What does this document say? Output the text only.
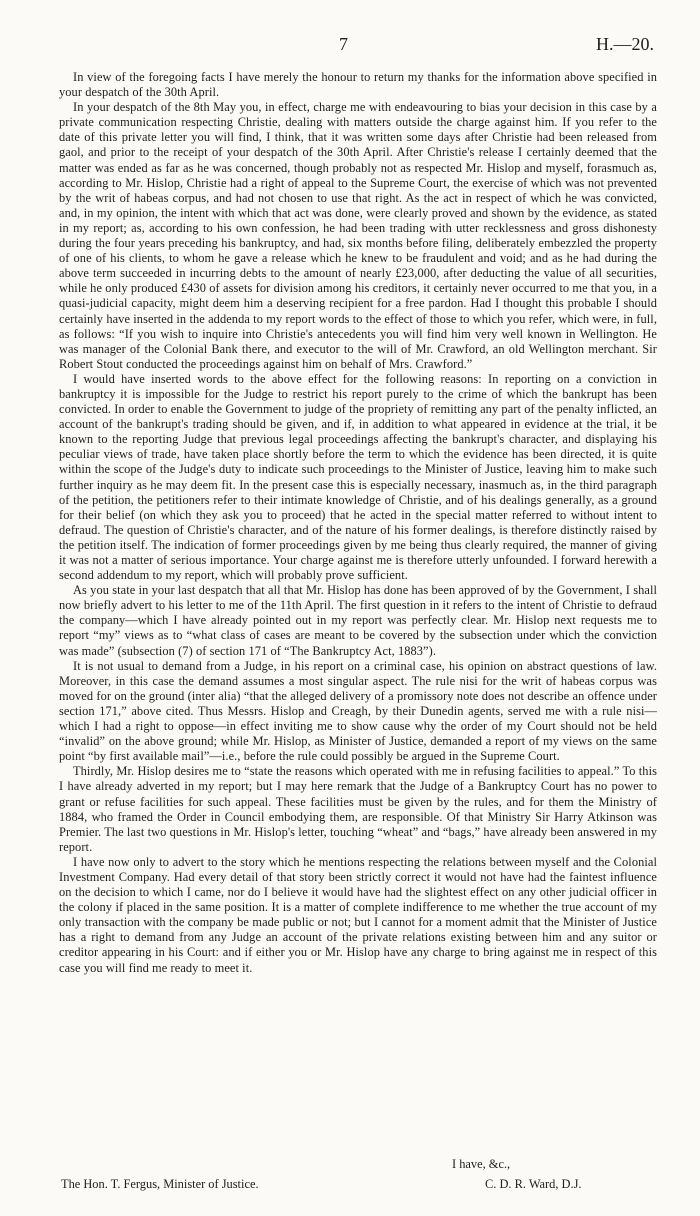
7	H.—20.

In view of the foregoing facts I have merely the honour to return my thanks for the information above specified in your despatch of the 30th April.

In your despatch of the 8th May you, in effect, charge me with endeavouring to bias your decision in this case by a private communication respecting Christie, dealing with matters outside the charge against him. If you refer to the date of this private letter you will find, I think, that it was written some days after Christie had been released from gaol, and prior to the receipt of your despatch of the 30th April. After Christie's release I certainly deemed that the matter was ended as far as he was concerned, though probably not as respected Mr. Hislop and myself, forasmuch as, according to Mr. Hislop, Christie had a right of appeal to the Supreme Court, the exercise of which was not prevented by the writ of habeas corpus, and had not chosen to use that right. As the act in respect of which he was convicted, and, in my opinion, the intent with which that act was done, were clearly proved and shown by the evidence, as stated in my report; as, according to his own confession, he had been trading with utter recklessness and gross dishonesty during the four years preceding his bankruptcy, and had, six months before filing, deliberately embezzled the property of one of his clients, to whom he gave a release which he knew to be fraudulent and void; and as he had during the above term succeeded in incurring debts to the amount of nearly £23,000, after deducting the value of all securities, while he only produced £430 of assets for division among his creditors, it certainly never occurred to me that you, in a quasi-judicial capacity, might deem him a deserving recipient for a free pardon. Had I thought this probable I should certainly have inserted in the addenda to my report words to the effect of those to which you refer, which were, in full, as follows: “If you wish to inquire into Christie's antecedents you will find him very well known in Wellington. He was manager of the Colonial Bank there, and executor to the will of Mr. Crawford, an old Wellington merchant. Sir Robert Stout conducted the proceedings against him on behalf of Mrs. Crawford.”

I would have inserted words to the above effect for the following reasons: In reporting on a conviction in bankruptcy it is impossible for the Judge to restrict his report purely to the crime of which the bankrupt has been convicted. In order to enable the Government to judge of the propriety of remitting any part of the penalty inflicted, an account of the bankrupt's trading should be given, and if, in addition to what appeared in evidence at the trial, it be known to the reporting Judge that previous legal proceedings affecting the bankrupt's character, and displaying his peculiar views of trade, have taken place shortly before the term to which the evidence has been directed, it is quite within the scope of the Judge's duty to indicate such proceedings to the Minister of Justice, leaving him to make such further inquiry as he may deem fit. In the present case this is especially necessary, inasmuch as, in the third paragraph of the petition, the petitioners refer to their intimate knowledge of Christie, and of his dealings generally, as a ground for their belief (on which they ask you to proceed) that he acted in the special matter referred to without intent to defraud. The question of Christie's character, and of the nature of his former dealings, is therefore distinctly raised by the petition itself. The indication of former proceedings given by me being thus clearly required, the manner of giving it was not a matter of serious importance. Your charge against me is therefore utterly unfounded. I forward herewith a second addendum to my report, which will probably prove sufficient.

As you state in your last despatch that all that Mr. Hislop has done has been approved of by the Government, I shall now briefly advert to his letter to me of the 11th April. The first question in it refers to the intent of Christie to defraud the company—which I have already pointed out in my report was perfectly clear. Mr. Hislop next requests me to report “my” views as to “what class of cases are meant to be covered by the subsection under which the conviction was made” (subsection (7) of section 171 of “The Bankruptcy Act, 1883”).

It is not usual to demand from a Judge, in his report on a criminal case, his opinion on abstract questions of law. Moreover, in this case the demand assumes a most singular aspect. The rule nisi for the writ of habeas corpus was moved for on the ground (inter alia) “that the alleged delivery of a promissory note does not describe an offence under section 171,” above cited. Thus Messrs. Hislop and Creagh, by their Dunedin agents, served me with a rule nisi—which I had a right to oppose—in effect inviting me to show cause why the order of my Court should not be held “invalid” on the above ground; while Mr. Hislop, as Minister of Justice, demanded a report of my views on the same point “by first available mail”—i.e., before the rule could possibly be argued in the Supreme Court.

Thirdly, Mr. Hislop desires me to “state the reasons which operated with me in refusing facilities to appeal.” To this I have already adverted in my report; but I may here remark that the Judge of a Bankruptcy Court has no power to grant or refuse facilities for such appeal. These facilities must be given by the rules, and for them the Ministry of 1884, who framed the Order in Council embodying them, are responsible. Of that Ministry Sir Harry Atkinson was Premier. The last two questions in Mr. Hislop's letter, touching “wheat” and “bags,” have already been answered in my report.

I have now only to advert to the story which he mentions respecting the relations between myself and the Colonial Investment Company. Had every detail of that story been strictly correct it would not have had the faintest influence on the decision to which I came, nor do I believe it would have had the slightest effect on any other judicial officer in the colony if placed in the same position. It is a matter of complete indifference to me whether the true account of my only transaction with the company be made public or not; but I cannot for a moment admit that the Minister of Justice has a right to demand from any Judge an account of the private relations existing between him and any suitor or creditor appearing in his Court: and if either you or Mr. Hislop have any charge to bring against me in respect of this case you will find me ready to meet it.

I have, &c.,
The Hon. T. Fergus, Minister of Justice.	C. D. R. Ward, D.J.
